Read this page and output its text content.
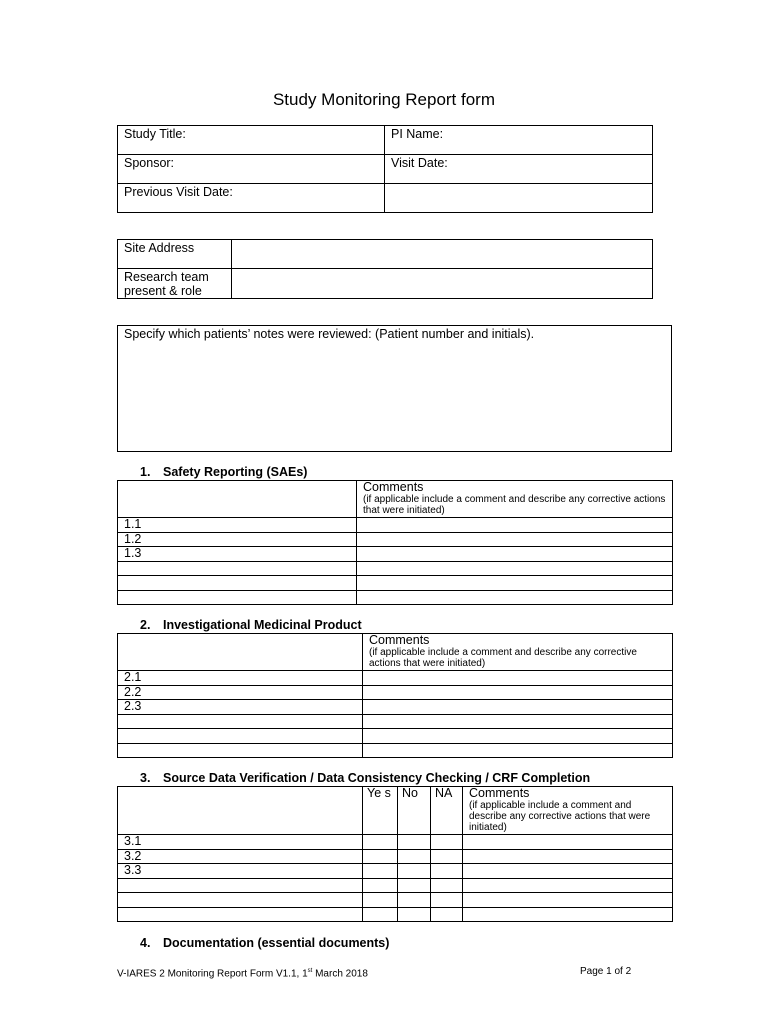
Study Monitoring Report form
Study Title:	PI Name:
Sponsor:	Visit Date:
Previous Visit Date:	
Site Address	
Research team present & role	
Specify which patients’ notes were reviewed: (Patient number and initials).
1. Safety Reporting (SAEs)
	Comments
(if applicable include a comment and describe any corrective actions that were initiated)

1.1	
1.2	
1.3	

2. Investigational Medicinal Product
	Comments
(if applicable include a comment and describe any corrective actions that were initiated)

2.1	
2.2	
2.3	

3. Source Data Verification / Data Consistency Checking / CRF Completion
	Ye s	No	NA	Comments
(if applicable include a comment and describe any corrective actions that were initiated)

3.1				
3.2				
3.3				

4. Documentation (essential documents)
V-IARES 2 Monitoring Report Form V1.1, 1st March 2018	Page 1 of 2
